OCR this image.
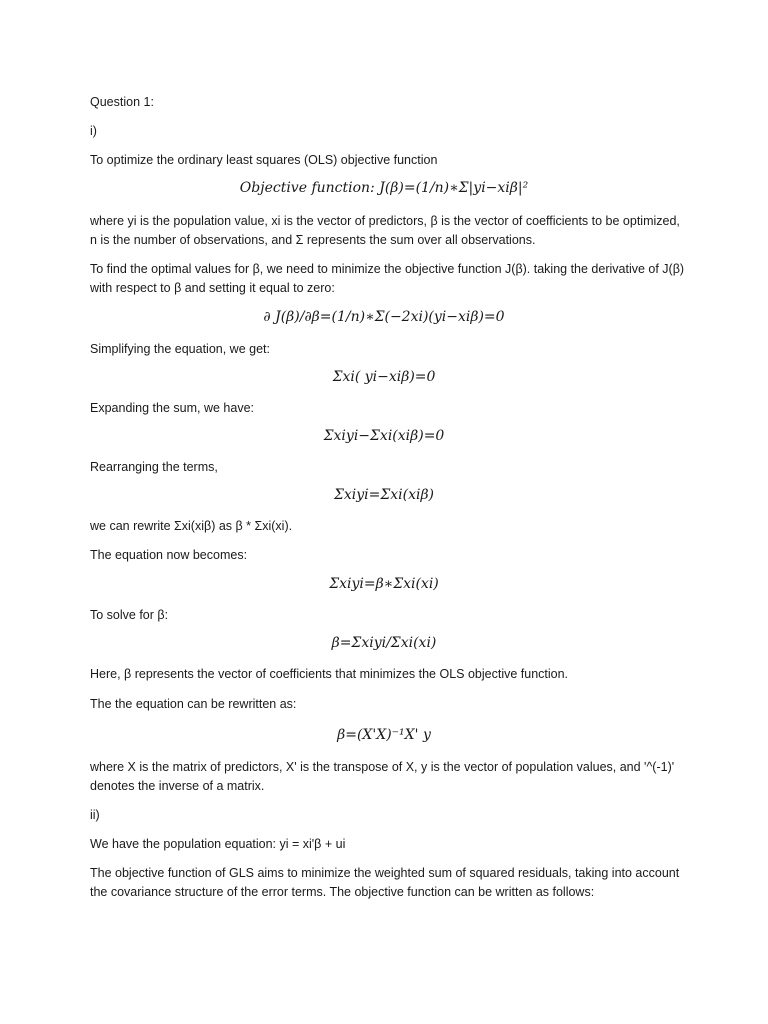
Question 1:

i)

To optimize the ordinary least squares (OLS) objective function

Objective function: J(β)=(1/n)∗Σ|yi−xiβ|²

where yi is the population value, xi is the vector of predictors, β is the vector of coefficients to be optimized, n is the number of observations, and Σ represents the sum over all observations.

To find the optimal values for β, we need to minimize the objective function J(β). taking the derivative of J(β) with respect to β and setting it equal to zero:

∂ J(β)/∂β=(1/n)∗Σ(−2xi)(yi−xiβ)=0

Simplifying the equation, we get:

Σxi( yi−xiβ)=0

Expanding the sum, we have:

Σxiyi−Σxi(xiβ)=0

Rearranging the terms,

Σxiyi=Σxi(xiβ)

we can rewrite Σxi(xiβ) as β * Σxi(xi).

The equation now becomes:

Σxiyi=β∗Σxi(xi)

To solve for β:

β=Σxiyi/Σxi(xi)

Here, β represents the vector of coefficients that minimizes the OLS objective function.

The the equation can be rewritten as:

β=(X'X)⁻¹X' y

where X is the matrix of predictors, X' is the transpose of X, y is the vector of population values, and '^(-1)' denotes the inverse of a matrix.

ii)

We have the population equation: yi = xi'β + ui

The objective function of GLS aims to minimize the weighted sum of squared residuals, taking into account the covariance structure of the error terms. The objective function can be written as follows:
